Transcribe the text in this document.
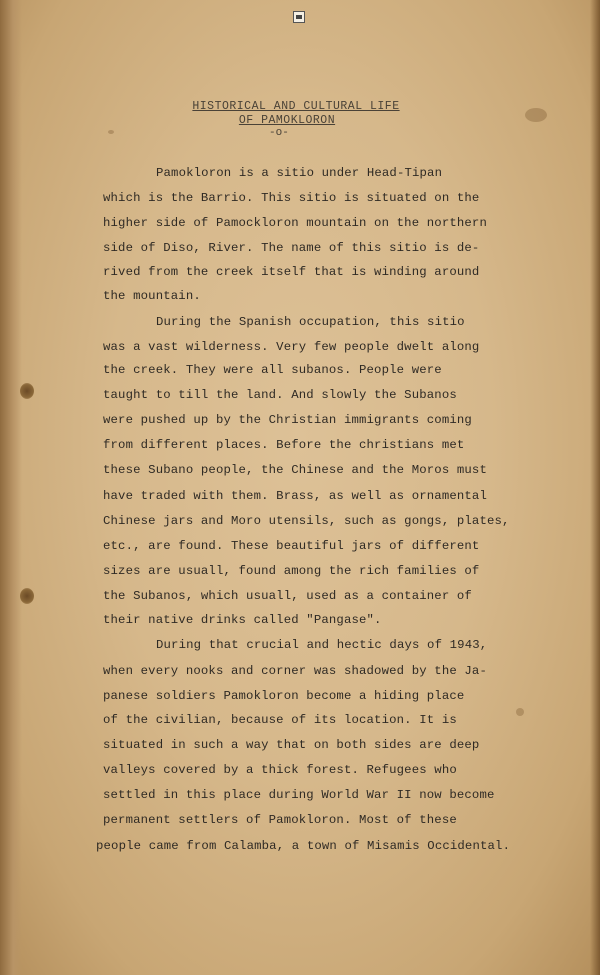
HISTORICAL AND CULTURAL LIFE
OF PAMOKLORON
-o-
Pamokloron is a sitio under Head-Tipan
which is the Barrio. This sitio is situated on the
higher side of Pamockloron mountain on the northern
side of Diso, River. The name of this sitio is de-
rived from the creek itself that is winding around
the mountain.
During the Spanish occupation, this sitio
was a vast wilderness. Very few people dwelt along
the creek. They were all subanos. People were
taught to till the land. And slowly the Subanos
were pushed up by the Christian immigrants coming
from different places. Before the christians met
these Subano people, the Chinese and the Moros must
have traded with them. Brass, as well as ornamental
Chinese jars and Moro utensils, such as gongs, plates,
etc., are found. These beautiful jars of different
sizes are usuall, found among the rich families of
the Subanos, which usuall, used as a container of
their native drinks called "Pangase".
During that crucial and hectic days of 1943,
when every nooks and corner was shadowed by the Ja-
panese soldiers Pamokloron become a hiding place
of the civilian, because of its location. It is
situated in such a way that on both sides are deep
valleys covered by a thick forest. Refugees who
settled in this place during World War II now become
permanent settlers of Pamokloron. Most of these
people came from Calamba, a town of Misamis Occidental.
